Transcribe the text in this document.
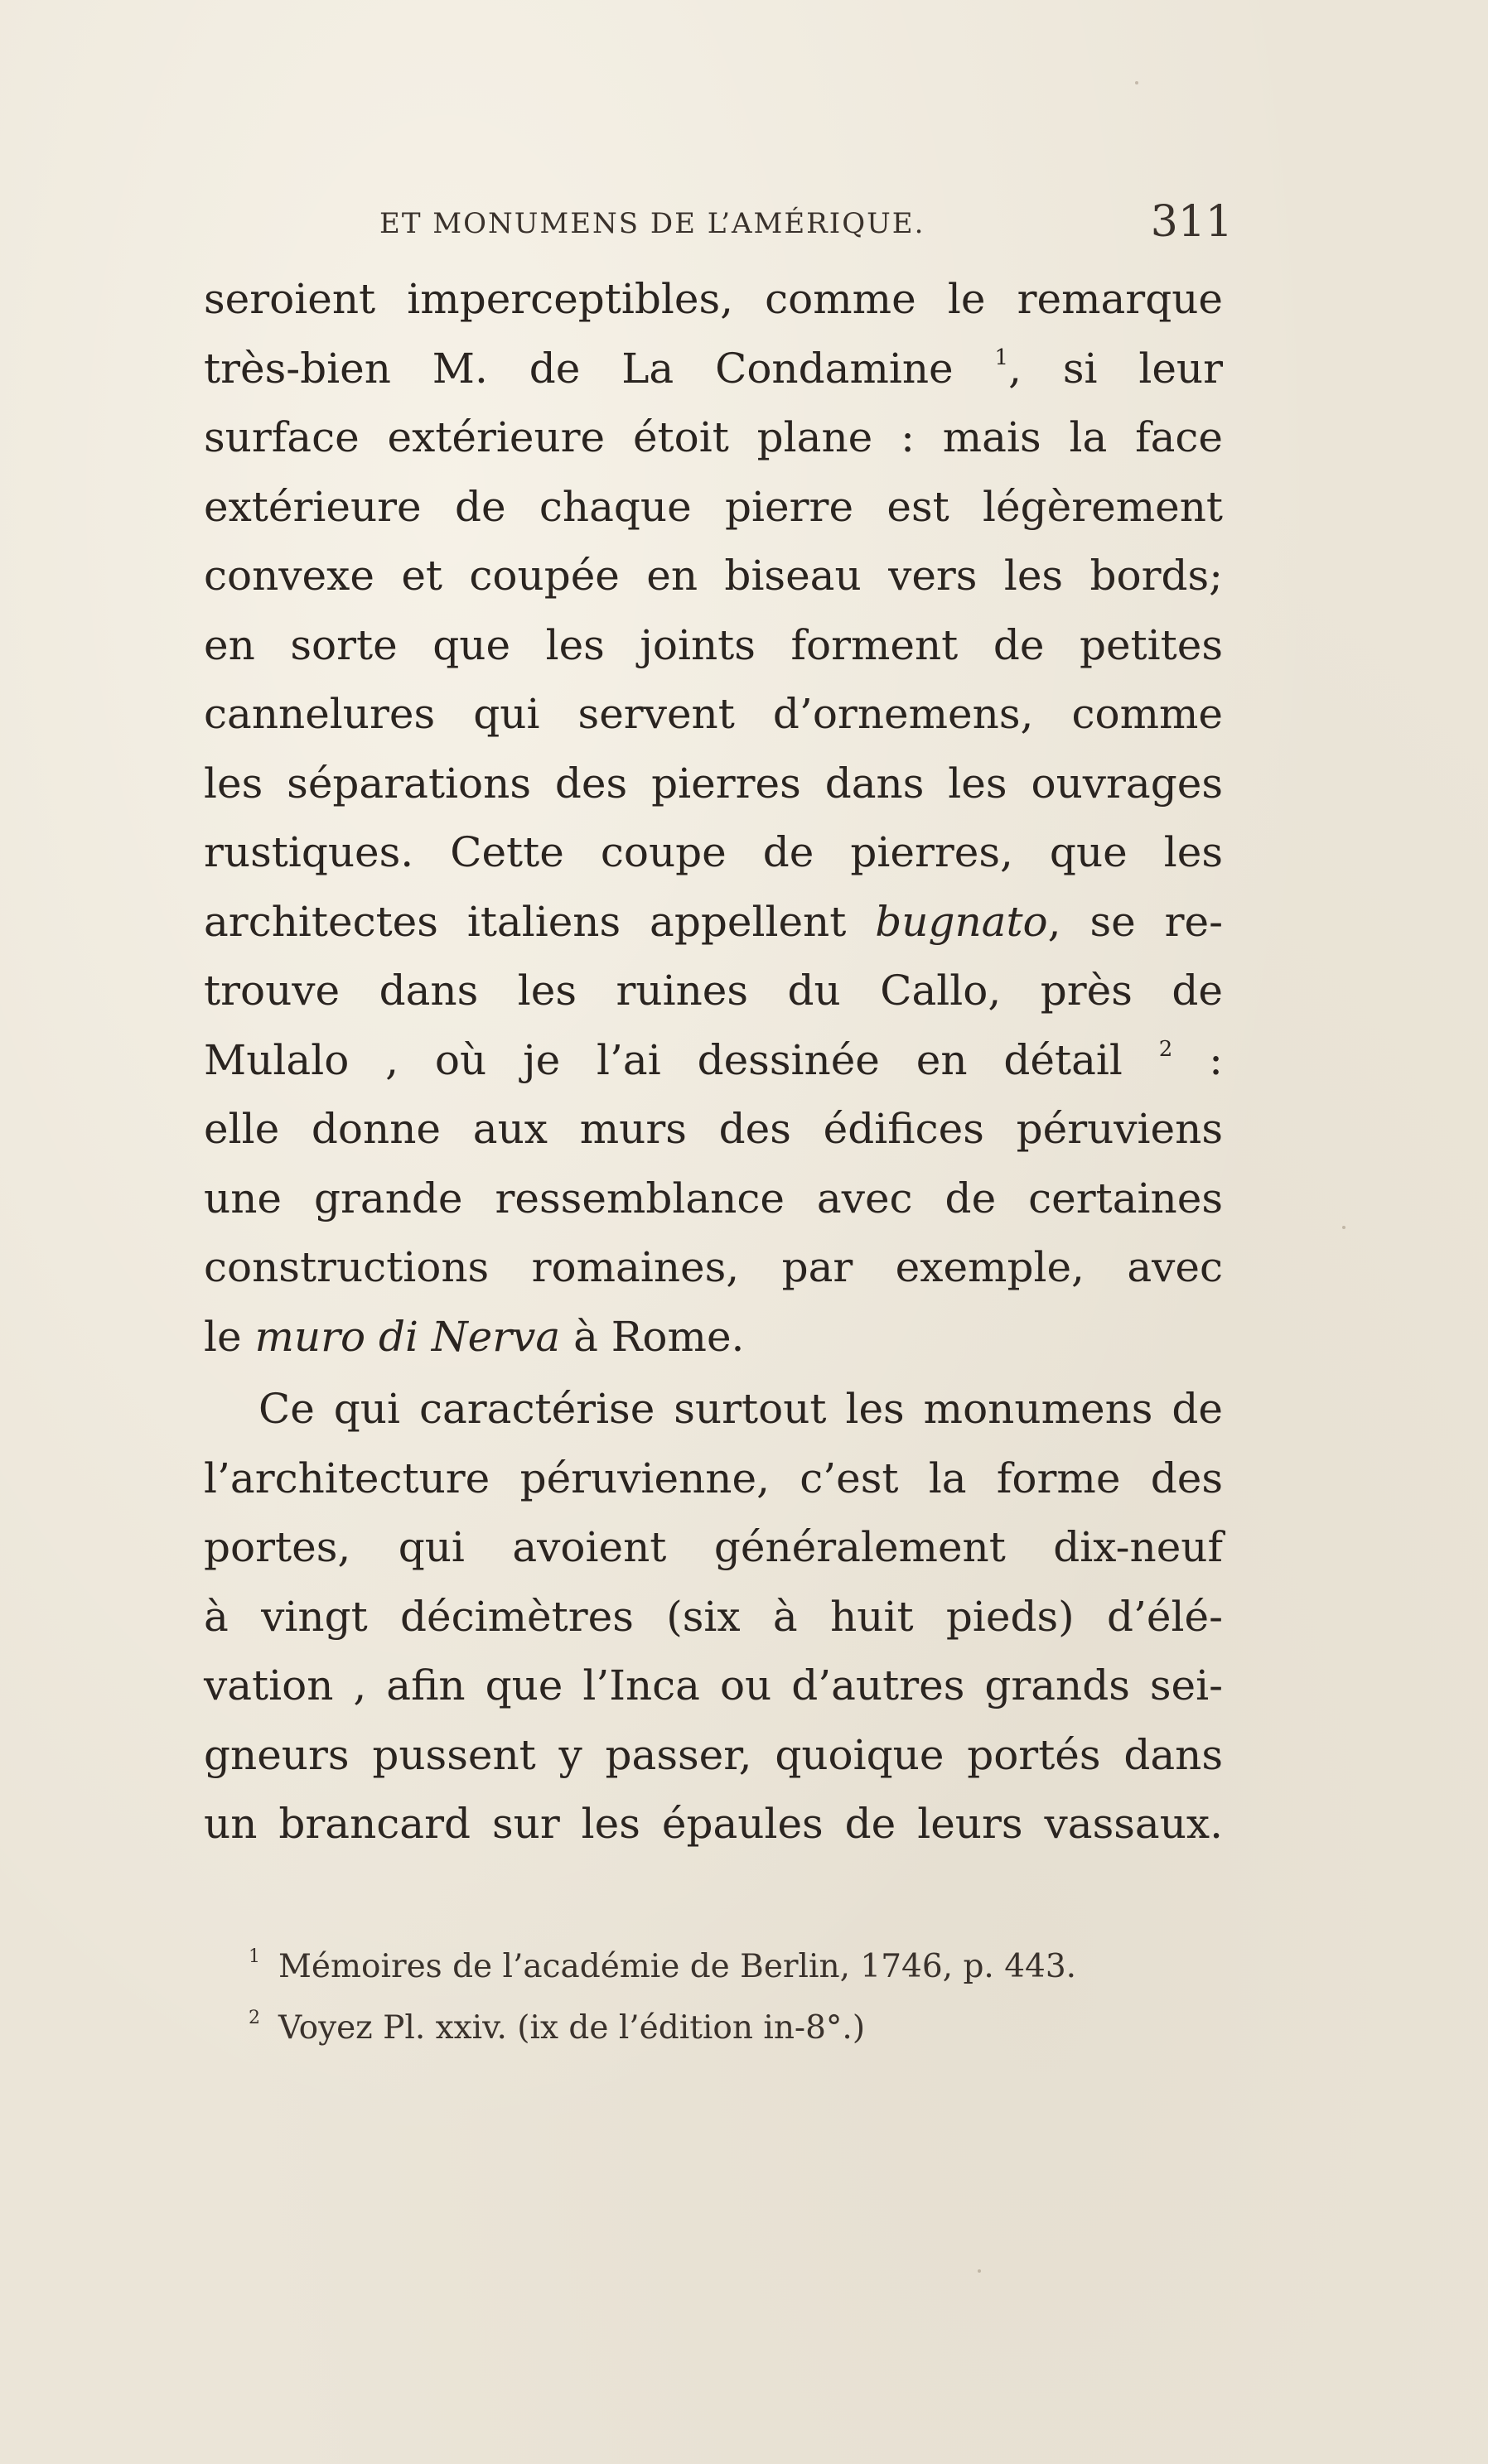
ET MONUMENS DE L’AMÉRIQUE.	311
seroient imperceptibles, comme le remarque
très-bien M. de La Condamine $^1$, si leur
surface extérieure étoit plane : mais la face
extérieure de chaque pierre est légèrement
convexe et coupée en biseau vers les bords;
en sorte que les joints forment de petites
cannelures qui servent d’ornemens, comme
les séparations des pierres dans les ouvrages
rustiques. Cette coupe de pierres, que les
architectes italiens appellent bugnato, se re-
trouve dans les ruines du Callo, près de
Mulalo , où je l’ai dessinée en détail $^2$ :
elle donne aux murs des édifices péruviens
une grande ressemblance avec de certaines
constructions romaines, par exemple, avec
le muro di Nerva à Rome.
Ce qui caractérise surtout les monumens de
l’architecture péruvienne, c’est la forme des
portes, qui avoient généralement dix-neuf
à vingt décimètres (six à huit pieds) d’élé-
vation , afin que l’Inca ou d’autres grands sei-
gneurs pussent y passer, quoique portés dans
un brancard sur les épaules de leurs vassaux.
$^1$ Mémoires de l’académie de Berlin, 1746, p. 443.
$^2$ Voyez Pl. xxiv. (ix de l’édition in-8°.)
